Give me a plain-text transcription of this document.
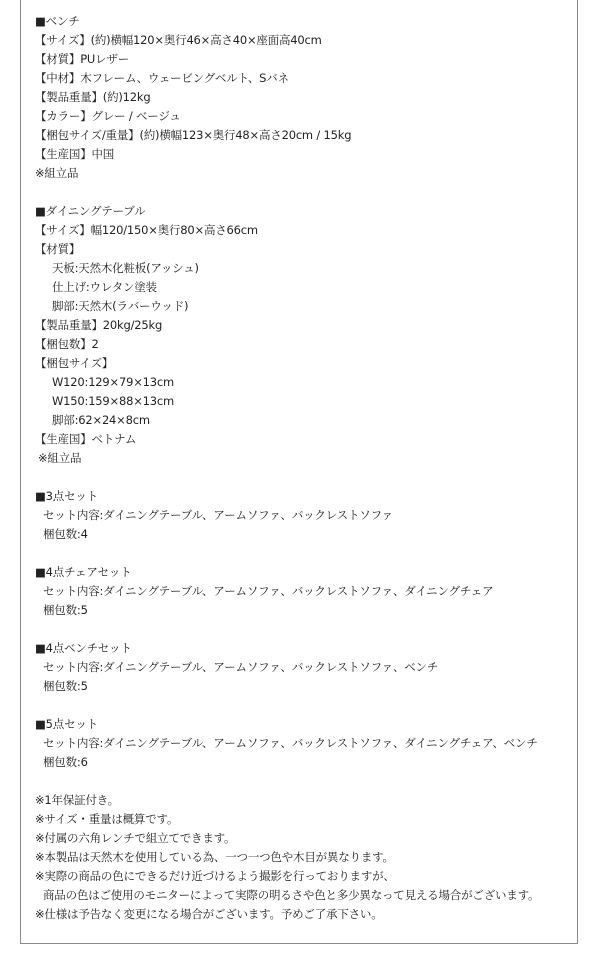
■ベンチ
【サイズ】(約)横幅120×奥行46×高さ40×座面高40cm
【材質】PUレザー
【中材】木フレーム、ウェービングベルト、Sバネ
【製品重量】(約)12kg
【カラー】グレー / ベージュ
【梱包サイズ/重量】(約)横幅123×奥行48×高さ20cm / 15kg
【生産国】中国
※組立品
■ダイニングテーブル
【サイズ】幅120/150×奥行80×高さ66cm
【材質】
天板:天然木化粧板(アッシュ)
仕上げ:ウレタン塗装
脚部:天然木(ラバーウッド)
【製品重量】20kg/25kg
【梱包数】2
【梱包サイズ】
W120:129×79×13cm
W150:159×88×13cm
脚部:62×24×8cm
【生産国】ベトナム
※組立品
■3点セット
セット内容:ダイニングテーブル、アームソファ、バックレストソファ
梱包数:4
■4点チェアセット
セット内容:ダイニングテーブル、アームソファ、バックレストソファ、ダイニングチェア
梱包数:5
■4点ベンチセット
セット内容:ダイニングテーブル、アームソファ、バックレストソファ、ベンチ
梱包数:5
■5点セット
セット内容:ダイニングテーブル、アームソファ、バックレストソファ、ダイニングチェア、ベンチ
梱包数:6
※1年保証付き。
※サイズ・重量は概算です。
※付属の六角レンチで組立てできます。
※本製品は天然木を使用している為、一つ一つ色や木目が異なります。
※実際の商品の色にできるだけ近づけるよう撮影を行っておりますが、
商品の色はご使用のモニターによって実際の明るさや色と多少異なって見える場合がございます。
※仕様は予告なく変更になる場合がございます。予めご了承下さい。
